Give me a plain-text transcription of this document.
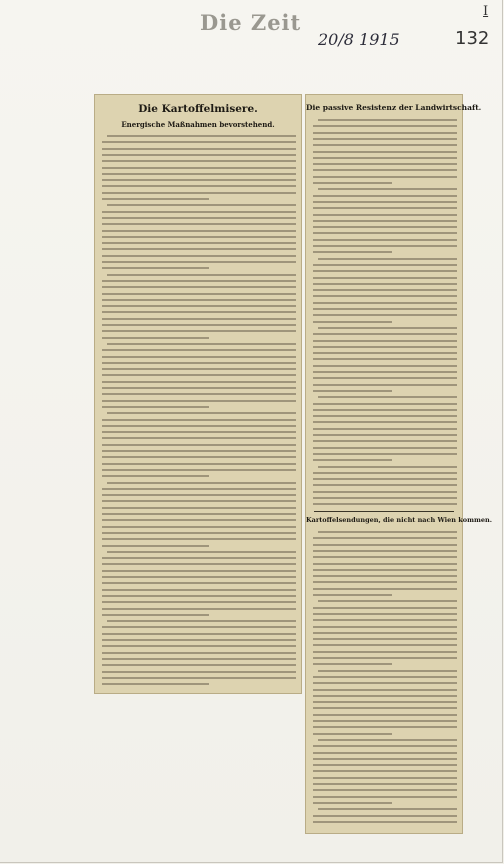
Die Zeit
20/8 1915	132
I
Die Kartoffelmisere.
Energische Maßnahmen bevorstehend.
Die passive Resistenz der Landwirtschaft.
Kartoffelsendungen, die nicht nach Wien kommen.
